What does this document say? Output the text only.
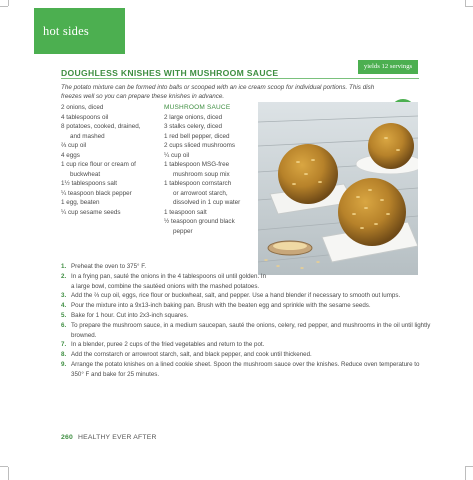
hot sides
DOUGHLESS KNISHES WITH MUSHROOM SAUCE
yields 12 servings
The potato mixture can be formed into balls or scooped with an ice cream scoop for individual portions. This dish freezes well so you can prepare these knishes in advance.
2 onions, diced
4 tablespoons oil
8 potatoes, cooked, drained,
and mashed
⅔ cup oil
4 eggs
1 cup rice flour or cream of
buckwheat
1½ tablespoons salt
¼ teaspoon black pepper
1 egg, beaten
¼ cup sesame seeds
MUSHROOM SAUCE
2 large onions, diced
3 stalks celery, diced
1 red bell pepper, diced
2 cups sliced mushrooms
¼ cup oil
1 tablespoon MSG-free
mushroom soup mix
1 tablespoon cornstarch
or arrowroot starch,
dissolved in 1 cup water
1 teaspoon salt
½ teaspoon ground black
pepper
1. Preheat the oven to 375° F.
2. In a frying pan, sauté the onions in the 4 tablespoons oil until golden. In a large bowl, combine the sautéed onions with the mashed potatoes.
3. Add the ⅔ cup oil, eggs, rice flour or buckwheat, salt, and pepper. Use a hand blender if necessary to smooth out lumps.
4. Pour the mixture into a 9x13-inch baking pan. Brush with the beaten egg and sprinkle with the sesame seeds.
5. Bake for 1 hour. Cut into 2x3-inch squares.
6. To prepare the mushroom sauce, in a medium saucepan, sauté the onions, celery, red pepper, and mushrooms in the oil until lightly browned.
7. In a blender, puree 2 cups of the fried vegetables and return to the pot.
8. Add the cornstarch or arrowroot starch, salt, and black pepper, and cook until thickened.
9. Arrange the potato knishes on a lined cookie sheet. Spoon the mushroom sauce over the knishes. Reduce oven temperature to 350° F and bake for 25 minutes.
260 HEALTHY EVER AFTER
